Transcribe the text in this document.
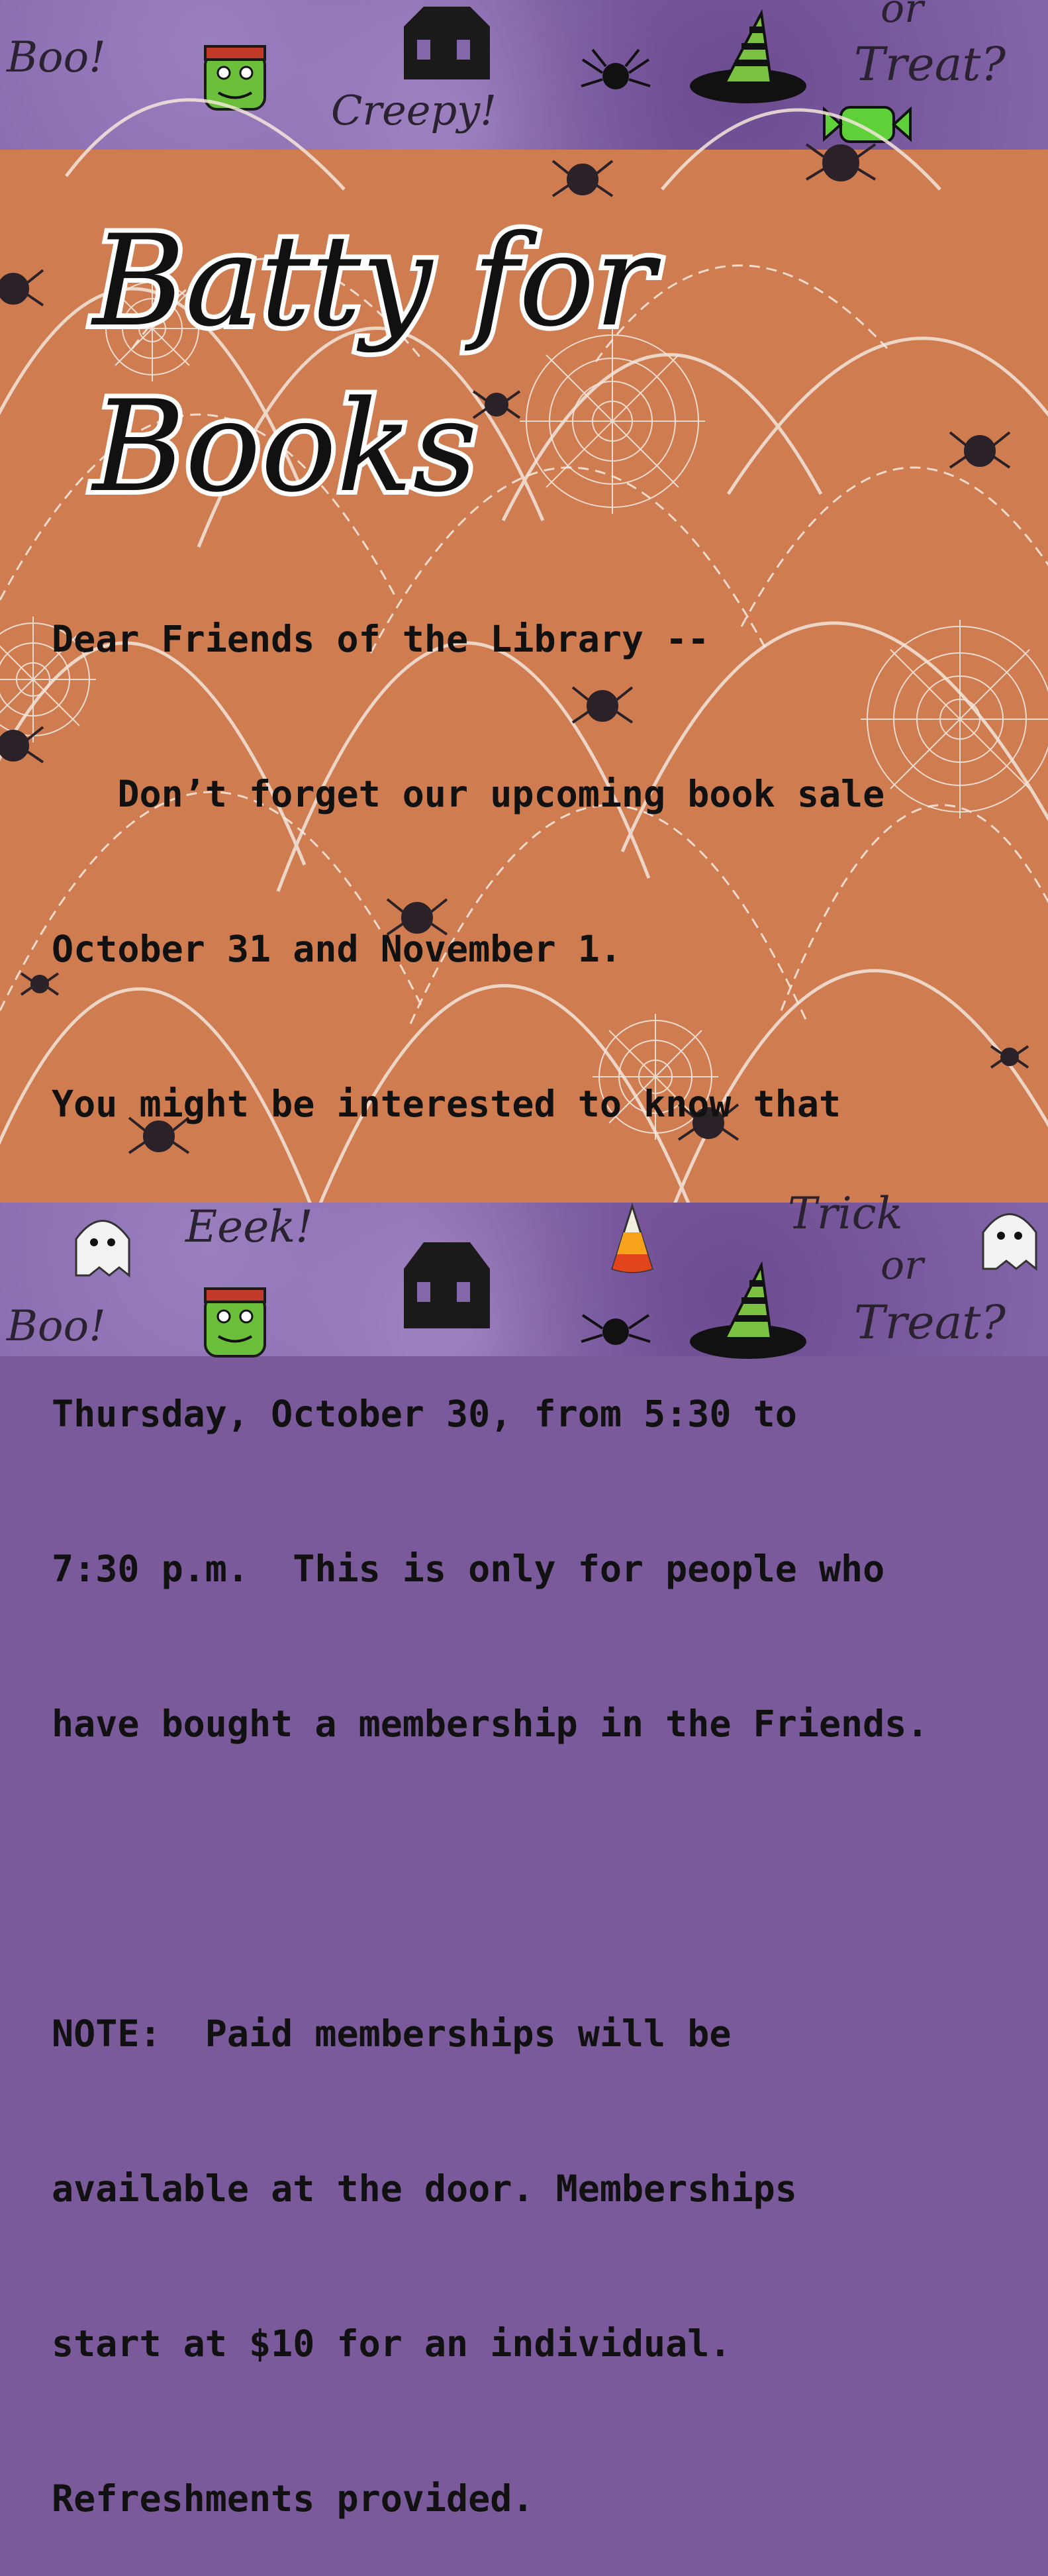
Boo!
Creepy!
or
Treat?
Batty for
Books

Dear Friends of the Library --

Don’t forget our upcoming book sale

October 31 and November 1.

You might be interested to know that

Thursday, October 30, from 5:30 to

7:30 p.m.  This is only for people who

have bought a membership in the Friends.

NOTE:  Paid memberships will be

available at the door. Memberships

start at $10 for an individual.

Refreshments provided.

Eeek!	Trick
or
Treat?
Boo!
